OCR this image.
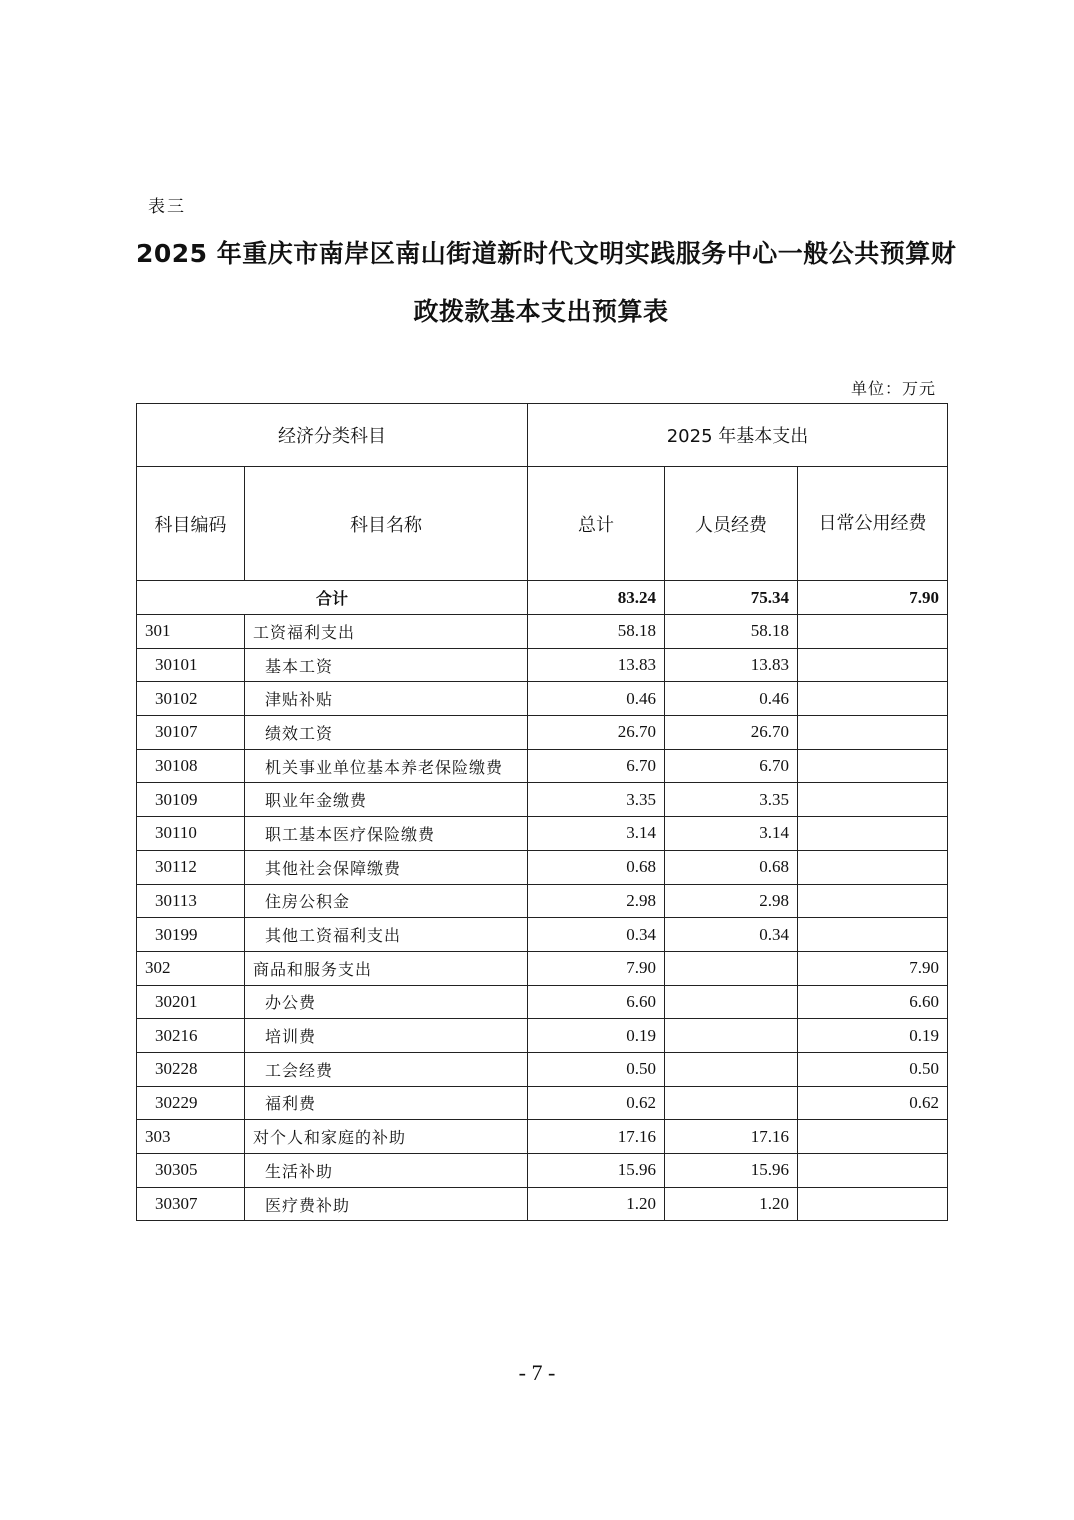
表三
2025 年重庆市南岸区南山街道新时代文明实践服务中心一般公共预算财
政拨款基本支出预算表
单位：万元
经济分类科目		2025 年基本支出		
科目编码	科目名称	总计	人员经费	日常公用经费
合计		83.24	75.34	7.90
301	工资福利支出	58.18	58.18	
30101	基本工资	13.83	13.83	
30102	津贴补贴	0.46	0.46	
30107	绩效工资	26.70	26.70	
30108	机关事业单位基本养老保险缴费	6.70	6.70	
30109	职业年金缴费	3.35	3.35	
30110	职工基本医疗保险缴费	3.14	3.14	
30112	其他社会保障缴费	0.68	0.68	
30113	住房公积金	2.98	2.98	
30199	其他工资福利支出	0.34	0.34	
302	商品和服务支出	7.90		7.90
30201	办公费	6.60		6.60
30216	培训费	0.19		0.19
30228	工会经费	0.50		0.50
30229	福利费	0.62		0.62
303	对个人和家庭的补助	17.16	17.16	
30305	生活补助	15.96	15.96	
30307	医疗费补助	1.20	1.20	
- 7 -
